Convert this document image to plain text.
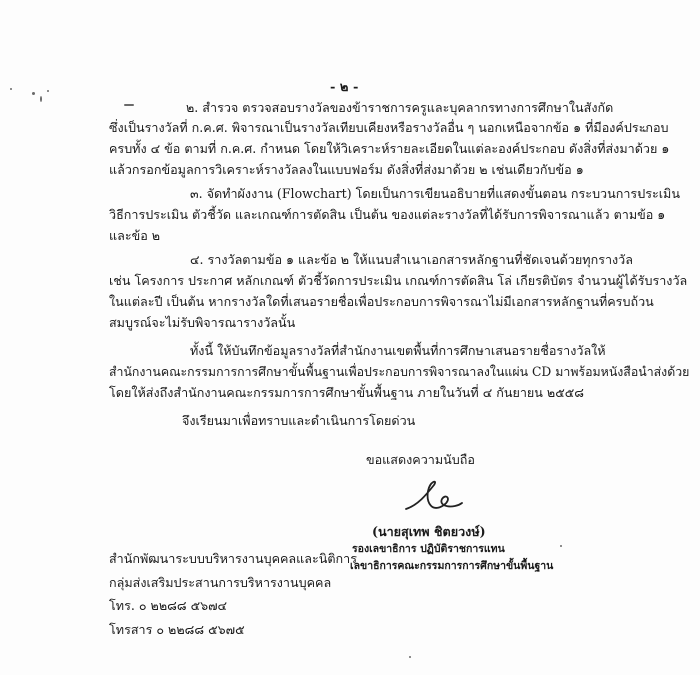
- ๒ -
๒. สำรวจ ตรวจสอบรางวัลของข้าราชการครูและบุคลากรทางการศึกษาในสังกัด
ซึ่งเป็นรางวัลที่ ก.ค.ศ. พิจารณาเป็นรางวัลเทียบเคียงหรือรางวัลอื่น ๆ นอกเหนือจากข้อ ๑ ที่มีองค์ประกอบ
ครบทั้ง ๔ ข้อ ตามที่ ก.ค.ศ. กำหนด โดยให้วิเคราะห์รายละเอียดในแต่ละองค์ประกอบ ดังสิ่งที่ส่งมาด้วย ๑
แล้วกรอกข้อมูลการวิเคราะห์รางวัลลงในแบบฟอร์ม ดังสิ่งที่ส่งมาด้วย ๒ เช่นเดียวกับข้อ ๑
๓. จัดทำผังงาน (Flowchart) โดยเป็นการเขียนอธิบายที่แสดงขั้นตอน กระบวนการประเมิน
วิธีการประเมิน ตัวชี้วัด และเกณฑ์การตัดสิน เป็นต้น ของแต่ละรางวัลที่ได้รับการพิจารณาแล้ว ตามข้อ ๑
และข้อ ๒
๔. รางวัลตามข้อ ๑ และข้อ ๒ ให้แนบสำเนาเอกสารหลักฐานที่ชัดเจนด้วยทุกรางวัล
เช่น โครงการ ประกาศ หลักเกณฑ์ ตัวชี้วัดการประเมิน เกณฑ์การตัดสิน โล่ เกียรติบัตร จำนวนผู้ได้รับรางวัล
ในแต่ละปี เป็นต้น หากรางวัลใดที่เสนอรายชื่อเพื่อประกอบการพิจารณาไม่มีเอกสารหลักฐานที่ครบถ้วน
สมบูรณ์จะไม่รับพิจารณารางวัลนั้น
ทั้งนี้ ให้บันทึกข้อมูลรางวัลที่สำนักงานเขตพื้นที่การศึกษาเสนอรายชื่อรางวัลให้
สำนักงานคณะกรรมการการศึกษาขั้นพื้นฐานเพื่อประกอบการพิจารณาลงในแผ่น CD มาพร้อมหนังสือนำส่งด้วย
โดยให้ส่งถึงสำนักงานคณะกรรมการการศึกษาขั้นพื้นฐาน ภายในวันที่ ๔ กันยายน ๒๕๕๘
จึงเรียนมาเพื่อทราบและดำเนินการโดยด่วน
ขอแสดงความนับถือ
(นายสุเทพ ชิตยวงษ์)
รองเลขาธิการ ปฏิบัติราชการแทน
เลขาธิการคณะกรรมการการศึกษาขั้นพื้นฐาน
สำนักพัฒนาระบบบริหารงานบุคคลและนิติการ
กลุ่มส่งเสริมประสานการบริหารงานบุคคล
โทร. ๐ ๒๒๘๘ ๕๖๗๔
โทรสาร ๐ ๒๒๘๘ ๕๖๗๕
